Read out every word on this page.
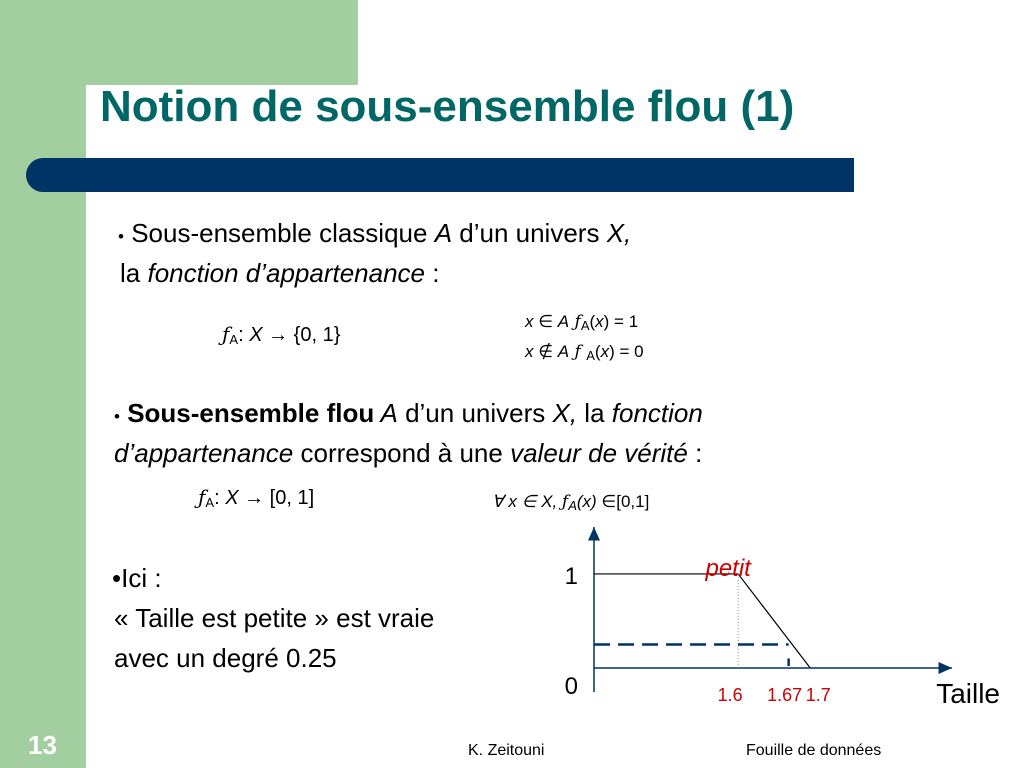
Notion de sous-ensemble flou (1)
• Sous-ensemble classique A d’un univers X,
la fonction d’appartenance :
$ƒ_A$: X → {0, 1}
x ∈ A $ƒ_A(x) = 1$
x ∉ A ƒ $_A$(x) = 0
• Sous-ensemble flou A d’un univers X, la fonction
d’appartenance correspond à une valeur de vérité :
$ƒ_A$: X → [0, 1]	∀ x ∈ X, $ƒ_A(x)$ ∈[0,1]
•Ici :
« Taille est petite » est vraie
avec un degré 0.25
petit
0
1
1.6 1.67 1.7	Taille
13	K. Zeitouni	Fouille de données
